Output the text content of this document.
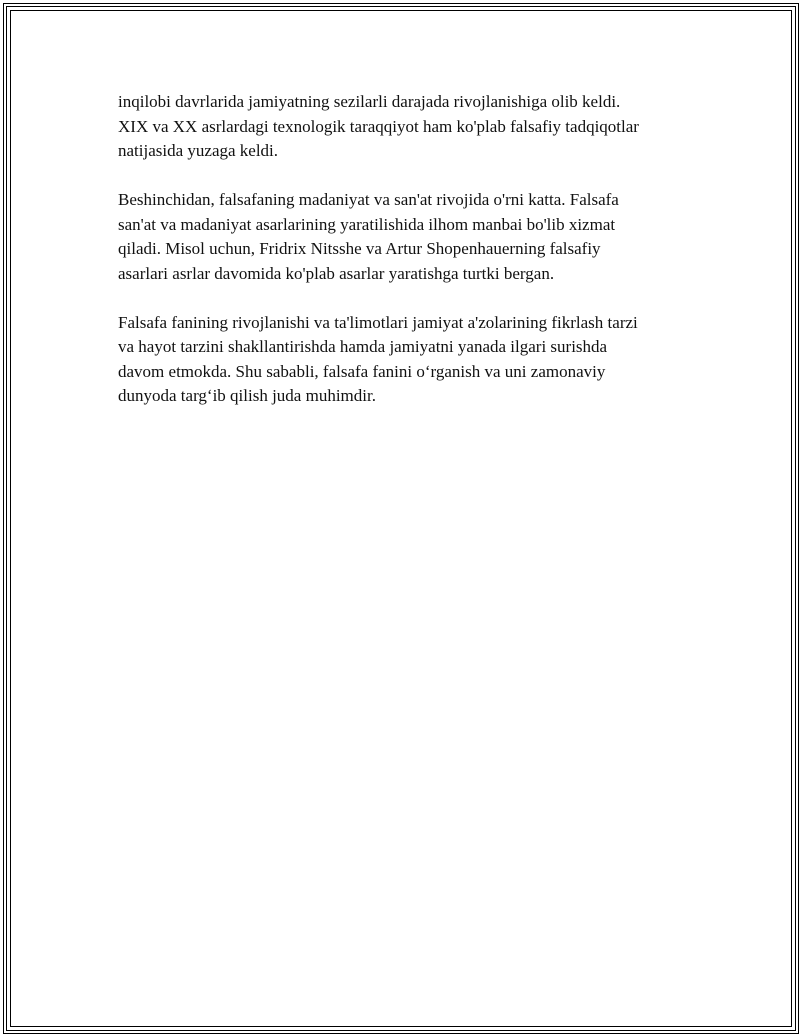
inqilobi davrlarida jamiyatning sezilarli darajada rivojlanishiga olib keldi.
XIX va XX asrlardagi texnologik taraqqiyot ham ko'plab falsafiy tadqiqotlar
natijasida yuzaga keldi.

Beshinchidan, falsafaning madaniyat va san'at rivojida o'rni katta. Falsafa
san'at va madaniyat asarlarining yaratilishida ilhom manbai bo'lib xizmat
qiladi. Misol uchun, Fridrix Nitsshe va Artur Shopenhauerning falsafiy
asarlari asrlar davomida ko'plab asarlar yaratishga turtki bergan.

Falsafa fanining rivojlanishi va ta'limotlari jamiyat a'zolarining fikrlash tarzi
va hayot tarzini shakllantirishda hamda jamiyatni yanada ilgari surishda
davom etmokda. Shu sababli, falsafa fanini o‘rganish va uni zamonaviy
dunyoda targ‘ib qilish juda muhimdir.
